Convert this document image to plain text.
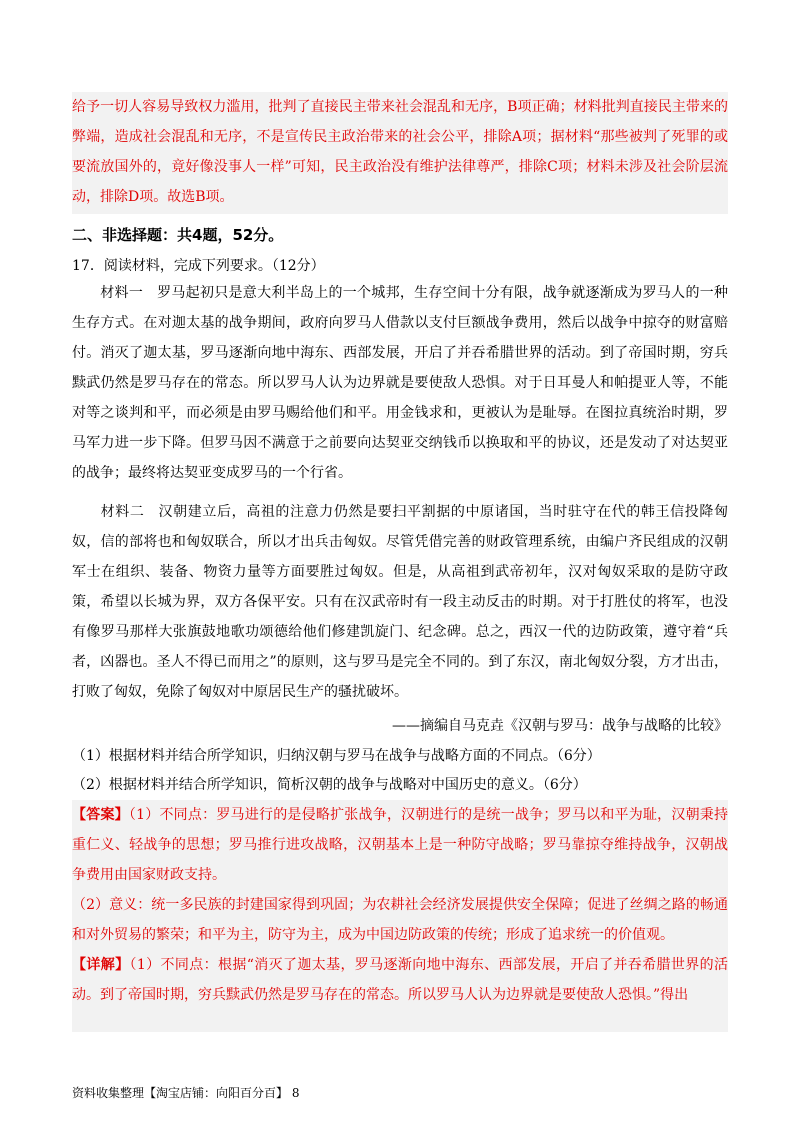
给予一切人容易导致权力滥用，批判了直接民主带来社会混乱和无序，B项正确；材料批判直接民主带来的弊端，造成社会混乱和无序，不是宣传民主政治带来的社会公平，排除A项；据材料“那些被判了死罪的或要流放国外的，竟好像没事人一样”可知，民主政治没有维护法律尊严，排除C项；材料未涉及社会阶层流动，排除D项。故选B项。

二、非选择题：共4题，52分。
17．阅读材料，完成下列要求。（12分）

材料一 罗马起初只是意大利半岛上的一个城邦，生存空间十分有限，战争就逐渐成为罗马人的一种生存方式。在对迦太基的战争期间，政府向罗马人借款以支付巨额战争费用，然后以战争中掠夺的财富赔付。消灭了迦太基，罗马逐渐向地中海东、西部发展，开启了并吞希腊世界的活动。到了帝国时期，穷兵黩武仍然是罗马存在的常态。所以罗马人认为边界就是要使敌人恐惧。对于日耳曼人和帕提亚人等，不能对等之谈判和平，而必须是由罗马赐给他们和平。用金钱求和，更被认为是耻辱。在图拉真统治时期，罗马军力进一步下降。但罗马因不满意于之前要向达契亚交纳钱币以换取和平的协议，还是发动了对达契亚的战争；最终将达契亚变成罗马的一个行省。

材料二 汉朝建立后，高祖的注意力仍然是要扫平割据的中原诸国，当时驻守在代的韩王信投降匈奴，信的部将也和匈奴联合，所以才出兵击匈奴。尽管凭借完善的财政管理系统，由编户齐民组成的汉朝军士在组织、装备、物资力量等方面要胜过匈奴。但是，从高祖到武帝初年，汉对匈奴采取的是防守政策，希望以长城为界，双方各保平安。只有在汉武帝时有一段主动反击的时期。对于打胜仗的将军，也没有像罗马那样大张旗鼓地歌功颂德给他们修建凯旋门、纪念碑。总之，西汉一代的边防政策，遵守着“兵者，凶器也。圣人不得已而用之”的原则，这与罗马是完全不同的。到了东汉，南北匈奴分裂，方才出击，打败了匈奴，免除了匈奴对中原居民生产的骚扰破坏。

——摘编自马克垚《汉朝与罗马：战争与战略的比较》
（1）根据材料并结合所学知识，归纳汉朝与罗马在战争与战略方面的不同点。（6分）
（2）根据材料并结合所学知识，简析汉朝的战争与战略对中国历史的意义。（6分）

【答案】（1）不同点：罗马进行的是侵略扩张战争，汉朝进行的是统一战争；罗马以和平为耻，汉朝秉持重仁义、轻战争的思想；罗马推行进攻战略，汉朝基本上是一种防守战略；罗马靠掠夺维持战争，汉朝战争费用由国家财政支持。

（2）意义：统一多民族的封建国家得到巩固；为农耕社会经济发展提供安全保障；促进了丝绸之路的畅通和对外贸易的繁荣；和平为主，防守为主，成为中国边防政策的传统；形成了追求统一的价值观。

【详解】（1）不同点：根据“消灭了迦太基，罗马逐渐向地中海东、西部发展，开启了并吞希腊世界的活动。到了帝国时期，穷兵黩武仍然是罗马存在的常态。所以罗马人认为边界就是要使敌人恐惧。”得出

资料收集整理【淘宝店铺：向阳百分百】 8
